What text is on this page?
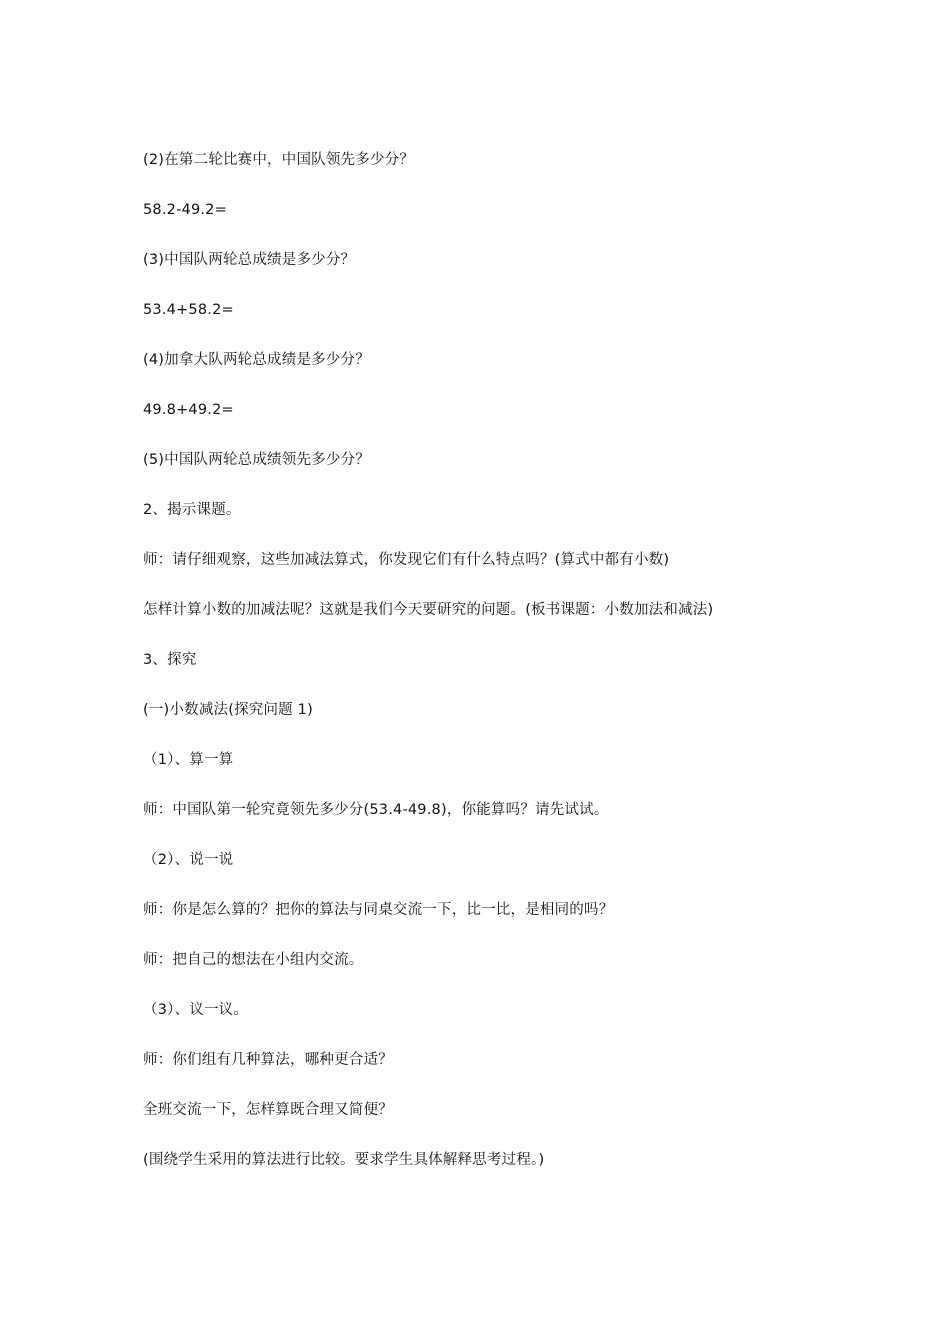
(2)在第二轮比赛中，中国队领先多少分？
58.2-49.2=
(3)中国队两轮总成绩是多少分？
53.4+58.2=
(4)加拿大队两轮总成绩是多少分？
49.8+49.2=
(5)中国队两轮总成绩领先多少分？
2、揭示课题。
师：请仔细观察，这些加减法算式，你发现它们有什么特点吗？(算式中都有小数)
怎样计算小数的加减法呢？这就是我们今天要研究的问题。(板书课题：小数加法和减法)
3、探究
(一)小数减法(探究问题 1)
（1）、算一算
师：中国队第一轮究竟领先多少分(53.4-49.8)，你能算吗？请先试试。
（2）、说一说
师：你是怎么算的？把你的算法与同桌交流一下，比一比，是相同的吗？
师：把自己的想法在小组内交流。
（3）、议一议。
师：你们组有几种算法，哪种更合适？
全班交流一下，怎样算既合理又简便？
(围绕学生采用的算法进行比较。要求学生具体解释思考过程。)
